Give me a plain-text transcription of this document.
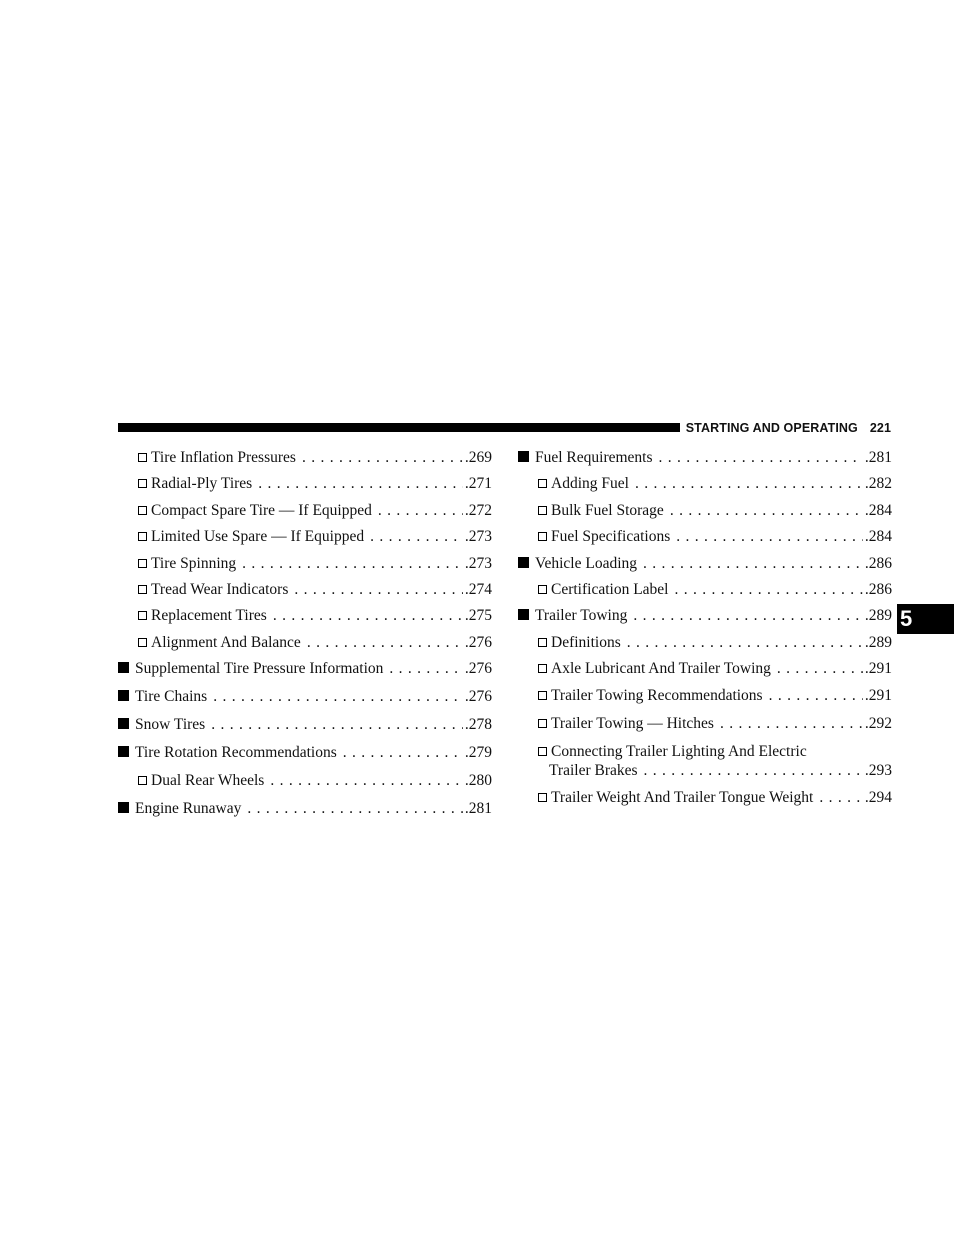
STARTING AND OPERATING 221
5
Tire Inflation Pressures . . .	.269
Radial-Ply Tires . . .	.271
Compact Spare Tire — If Equipped . . .	.272
Limited Use Spare — If Equipped . . .	.273
Tire Spinning . . .	.273
Tread Wear Indicators . . .	.274
Replacement Tires . . .	.275
Alignment And Balance . . .	.276
Supplemental Tire Pressure Information . . .	.276
Tire Chains . . .	.276
Snow Tires . . .	.278
Tire Rotation Recommendations . . .	.279
Dual Rear Wheels . . .	.280
Engine Runaway . . .	.281
Fuel Requirements . . .	.281
Adding Fuel . . .	.282
Bulk Fuel Storage . . .	.284
Fuel Specifications . . .	.284
Vehicle Loading . . .	.286
Certification Label . . .	.286
Trailer Towing . . .	.289
Definitions . . .	.289
Axle Lubricant And Trailer Towing . . .	.291
Trailer Towing Recommendations . . .	.291
Trailer Towing — Hitches . . .	.292
Connecting Trailer Lighting And Electric
Trailer Brakes . . .	.293
Trailer Weight And Trailer Tongue Weight . . .	.294
